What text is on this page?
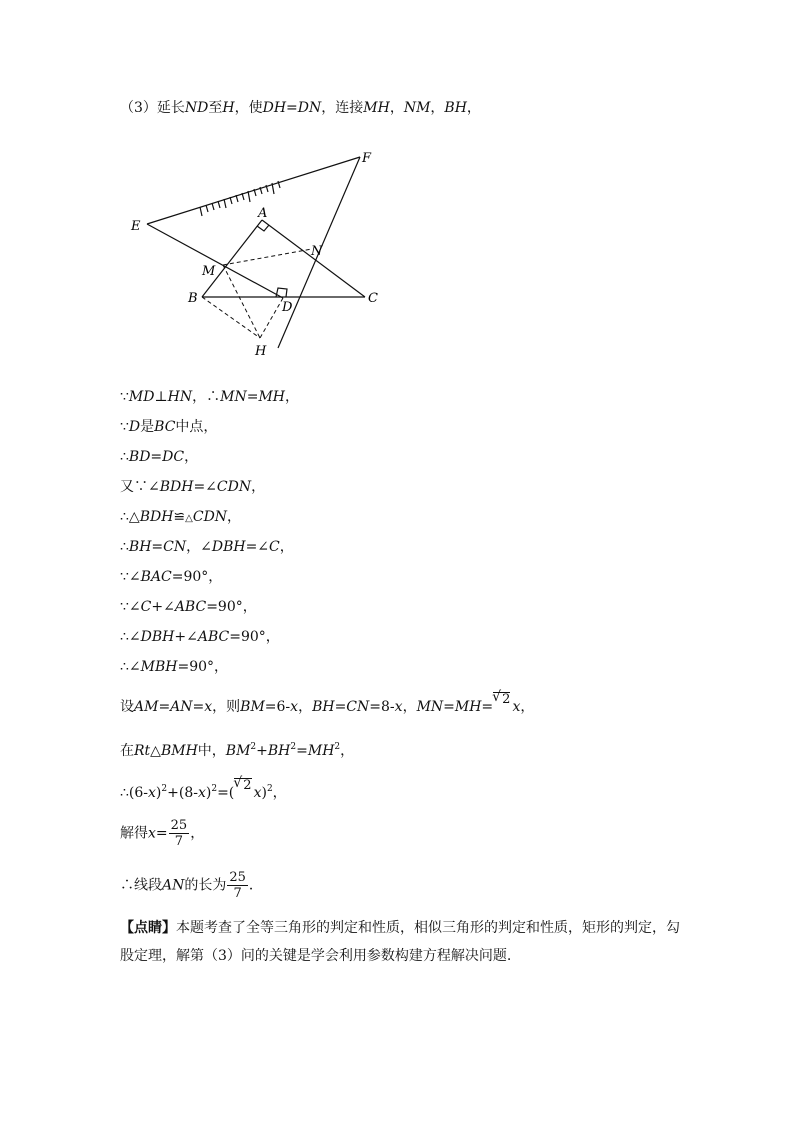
（3）延长ND至H，使DH=DN，连接MH，NM，BH，
F
E
A
N
M
B
D
C
H
∵MD⊥HN，∴MN=MH，
∵D是BC中点，
∴BD=DC，
又∵∠BDH=∠CDN，
∴△BDH≌△CDN，
∴BH=CN，∠DBH=∠C，
∵∠BAC=90°，
∵∠C+∠ABC=90°，
∴∠DBH+∠ABC=90°，
∴∠MBH=90°，
设AM=AN=x，则BM=6-x，BH=CN=8-x，MN=MH=√ 2 x，
在Rt△BMH中，$BM^2+BH^2=MH^2$，
$\therefore(6-x)^2+(8-x)^2=(√$ 2 x)$^2$，
解得$x= \frac{25}{7}$ ，
∴线段AN的长为 $\frac{25}{7}$ ．
【点睛】本题考查了全等三角形的判定和性质，相似三角形的判定和性质，矩形的判定，勾股定理，解第（3）问的关键是学会利用参数构建方程解决问题.
